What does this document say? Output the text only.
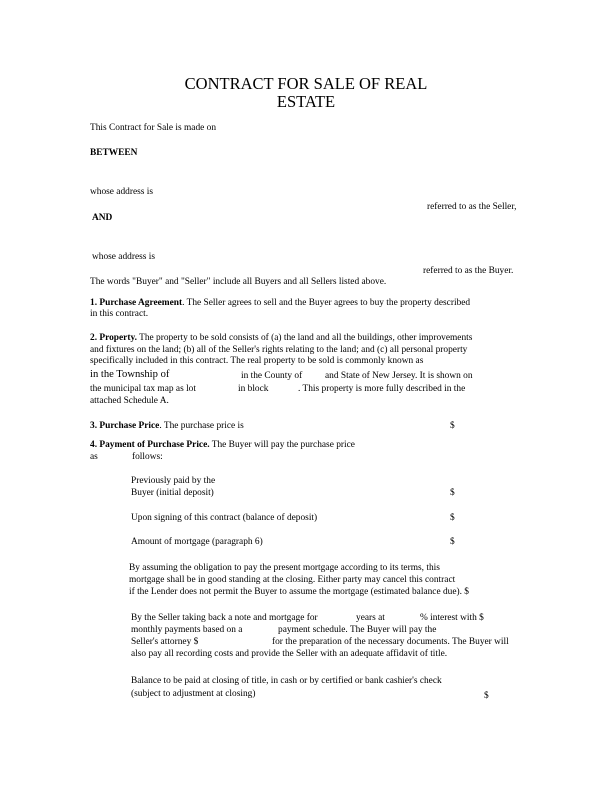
CONTRACT FOR SALE OF REAL
ESTATE
This Contract for Sale is made on
BETWEEN
whose address is
referred to as the Seller,
AND
whose address is
referred to as the Buyer.
The words "Buyer" and "Seller" include all Buyers and all Sellers listed above.
1. Purchase Agreement. The Seller agrees to sell and the Buyer agrees to buy the property described
in this contract.
2. Property. The property to be sold consists of (a) the land and all the buildings, other improvements
and fixtures on the land; (b) all of the Seller's rights relating to the land; and (c) all personal property
specifically included in this contract. The real property to be sold is commonly known as
in the Township of	in the County of and State of New Jersey. It is shown on
the municipal tax map as lot	in block	. This property is more fully described in the
attached Schedule A.
3. Purchase Price. The purchase price is	$
4. Payment of Purchase Price. The Buyer will pay the purchase price
as	follows:
Previously paid by the
Buyer (initial deposit)	$
Upon signing of this contract (balance of deposit)	$
Amount of mortgage (paragraph 6)	$
By assuming the obligation to pay the present mortgage according to its terms, this
mortgage shall be in good standing at the closing. Either party may cancel this contract
if the Lender does not permit the Buyer to assume the mortgage (estimated balance due). $
By the Seller taking back a note and mortgage for	years at	% interest with $
monthly payments based on a	payment schedule. The Buyer will pay the
Seller's attorney $	for the preparation of the necessary documents. The Buyer will
also pay all recording costs and provide the Seller with an adequate affidavit of title.
Balance to be paid at closing of title, in cash or by certified or bank cashier's check
(subject to adjustment at closing)	$
